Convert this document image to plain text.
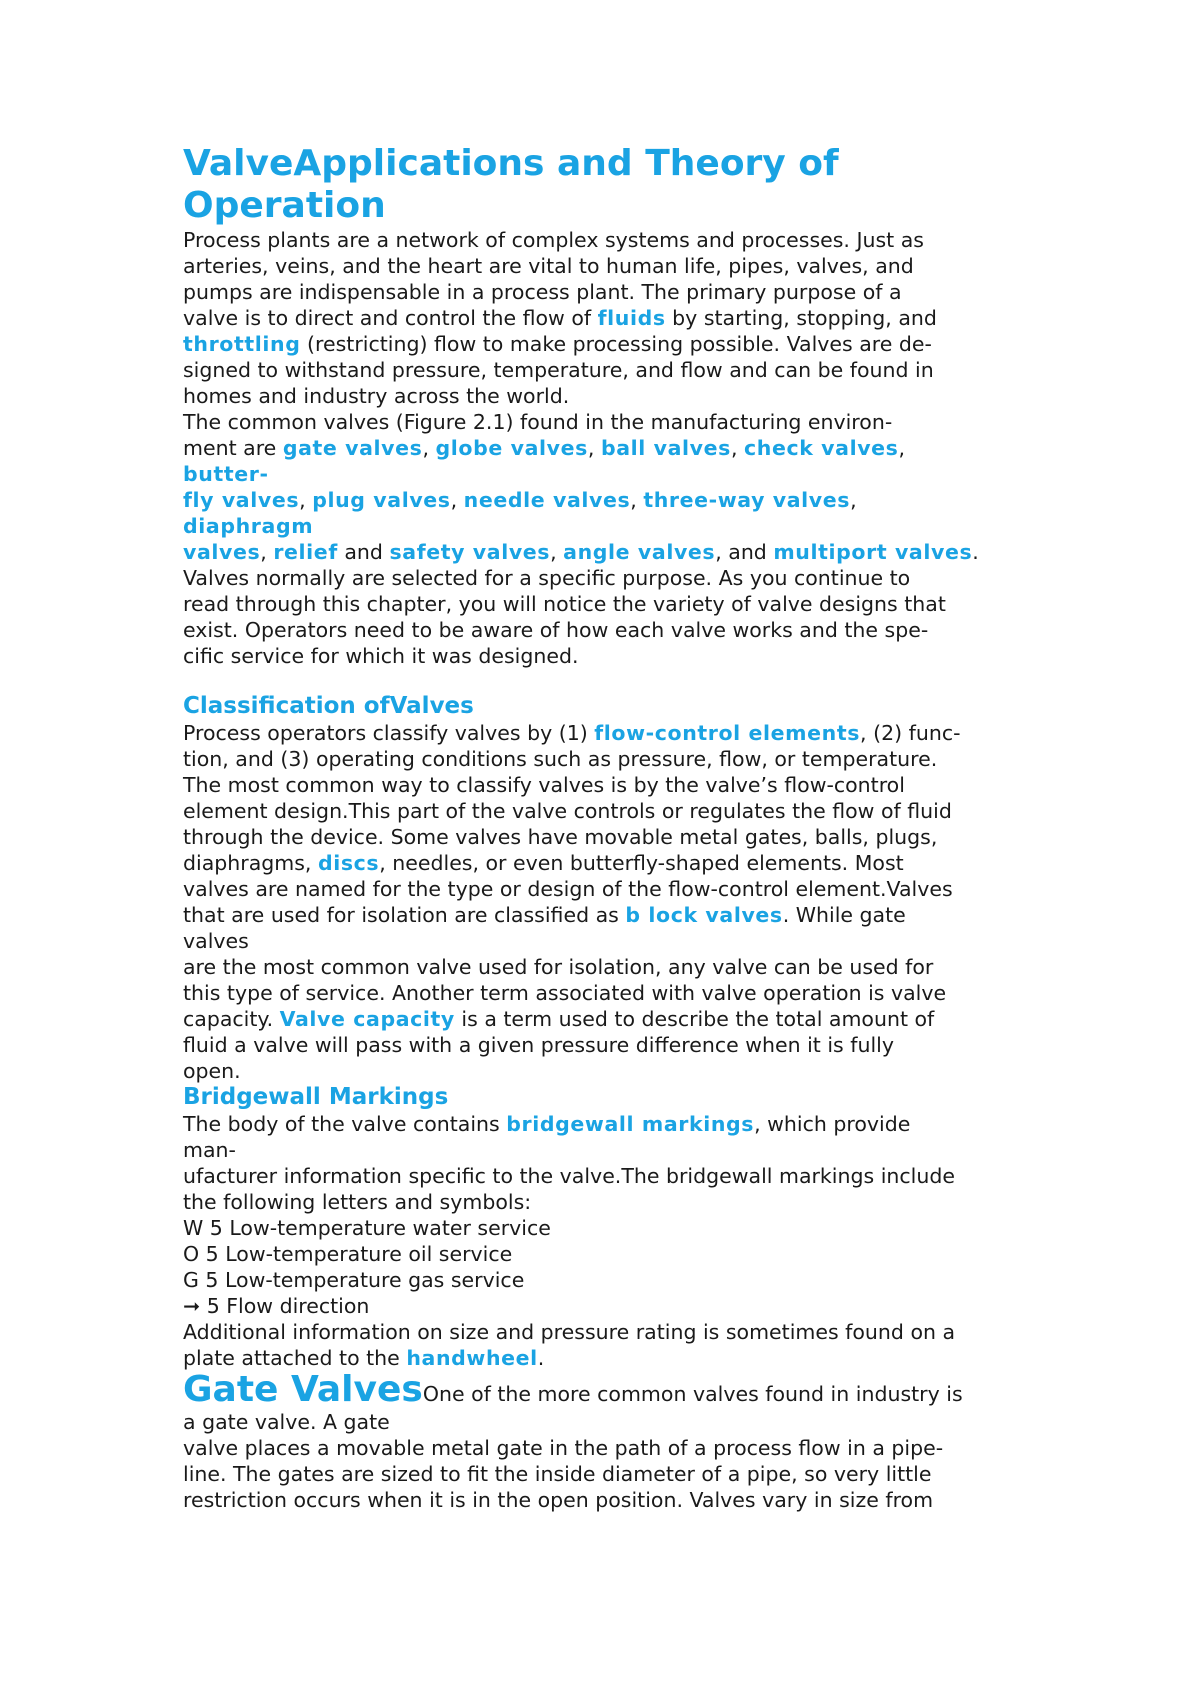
ValveApplications and Theory of
Operation

Process plants are a network of complex systems and processes. Just as
arteries, veins, and the heart are vital to human life, pipes, valves, and
pumps are indispensable in a process plant. The primary purpose of a
valve is to direct and control the flow of fluids by starting, stopping, and
throttling (restricting) flow to make processing possible. Valves are de-
signed to withstand pressure, temperature, and flow and can be found in
homes and industry across the world.
The common valves (Figure 2.1) found in the manufacturing environ-
ment are gate valves, globe valves, ball valves, check valves,
butter-
fly valves, plug valves, needle valves, three-way valves,
diaphragm
valves, relief and safety valves, angle valves, and multiport valves.
Valves normally are selected for a specific purpose. As you continue to
read through this chapter, you will notice the variety of valve designs that
exist. Operators need to be aware of how each valve works and the spe-
cific service for which it was designed.

Classification ofValves

Process operators classify valves by (1) flow-control elements, (2) func-
tion, and (3) operating conditions such as pressure, flow, or temperature.
The most common way to classify valves is by the valve’s flow-control
element design.This part of the valve controls or regulates the flow of fluid
through the device. Some valves have movable metal gates, balls, plugs,
diaphragms, discs, needles, or even butterfly-shaped elements. Most
valves are named for the type or design of the flow-control element.Valves
that are used for isolation are classified as b lock valves. While gate
valves
are the most common valve used for isolation, any valve can be used for
this type of service. Another term associated with valve operation is valve
capacity. Valve capacity is a term used to describe the total amount of
fluid a valve will pass with a given pressure difference when it is fully
open.

Bridgewall Markings

The body of the valve contains bridgewall markings, which provide
man-
ufacturer information specific to the valve.The bridgewall markings include
the following letters and symbols:
W 5 Low-temperature water service
O 5 Low-temperature oil service
G 5 Low-temperature gas service
➞ 5 Flow direction
Additional information on size and pressure rating is sometimes found on a
plate attached to the handwheel.

Gate ValvesOne of the more common valves found in industry is
a gate valve. A gate
valve places a movable metal gate in the path of a process flow in a pipe-
line. The gates are sized to fit the inside diameter of a pipe, so very little
restriction occurs when it is in the open position. Valves vary in size from
